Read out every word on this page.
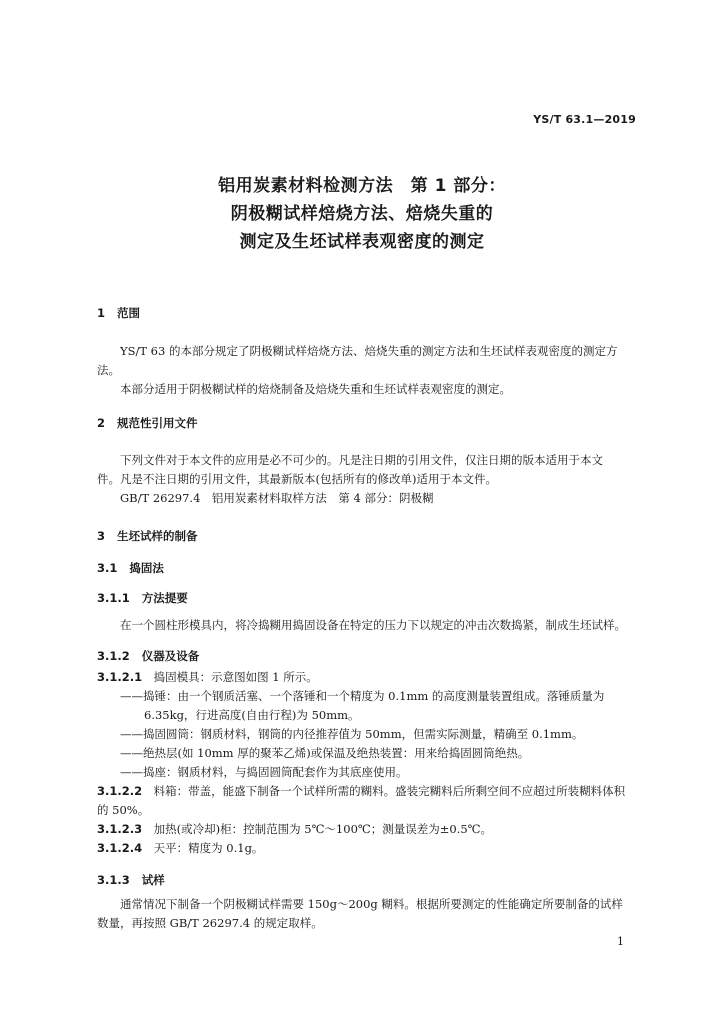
YS/T 63.1—2019
铝用炭素材料检测方法　第 1 部分：
阴极糊试样焙烧方法、焙烧失重的
测定及生坯试样表观密度的测定
1 范围
YS/T 63 的本部分规定了阴极糊试样焙烧方法、焙烧失重的测定方法和生坯试样表观密度的测定方
法。
本部分适用于阴极糊试样的焙烧制备及焙烧失重和生坯试样表观密度的测定。
2 规范性引用文件
下列文件对于本文件的应用是必不可少的。凡是注日期的引用文件，仅注日期的版本适用于本文
件。凡是不注日期的引用文件，其最新版本(包括所有的修改单)适用于本文件。
GB/T 26297.4　铝用炭素材料取样方法　第 4 部分：阴极糊
3 生坯试样的制备
3.1 捣固法
3.1.1 方法提要
在一个圆柱形模具内，将冷捣糊用捣固设备在特定的压力下以规定的冲击次数捣紧，制成生坯试样。
3.1.2 仪器及设备
3.1.2.1　 捣固模具：示意图如图 1 所示。
——捣锤：由一个钢质活塞、一个落锤和一个精度为 0.1mm 的高度测量装置组成。落锤质量为
6.35kg，行进高度(自由行程)为 50mm。
——捣固圆筒：钢质材料，钢筒的内径推荐值为 50mm，但需实际测量，精确至 0.1mm。
——绝热层(如 10mm 厚的聚苯乙烯)或保温及绝热装置：用来给捣固圆筒绝热。
——捣座：钢质材料，与捣固圆筒配套作为其底座使用。
3.1.2.2　 料箱：带盖，能盛下制备一个试样所需的糊料。盛装完糊料后所剩空间不应超过所装糊料体积
的 50%。
3.1.2.3　 加热(或冷却)柜：控制范围为 5℃～100℃；测量误差为±0.5℃。
3.1.2.4　 天平：精度为 0.1g。
3.1.3 试样
通常情况下制备一个阴极糊试样需要 150g～200g 糊料。根据所要测定的性能确定所要制备的试样
数量，再按照 GB/T 26297.4 的规定取样。
1
